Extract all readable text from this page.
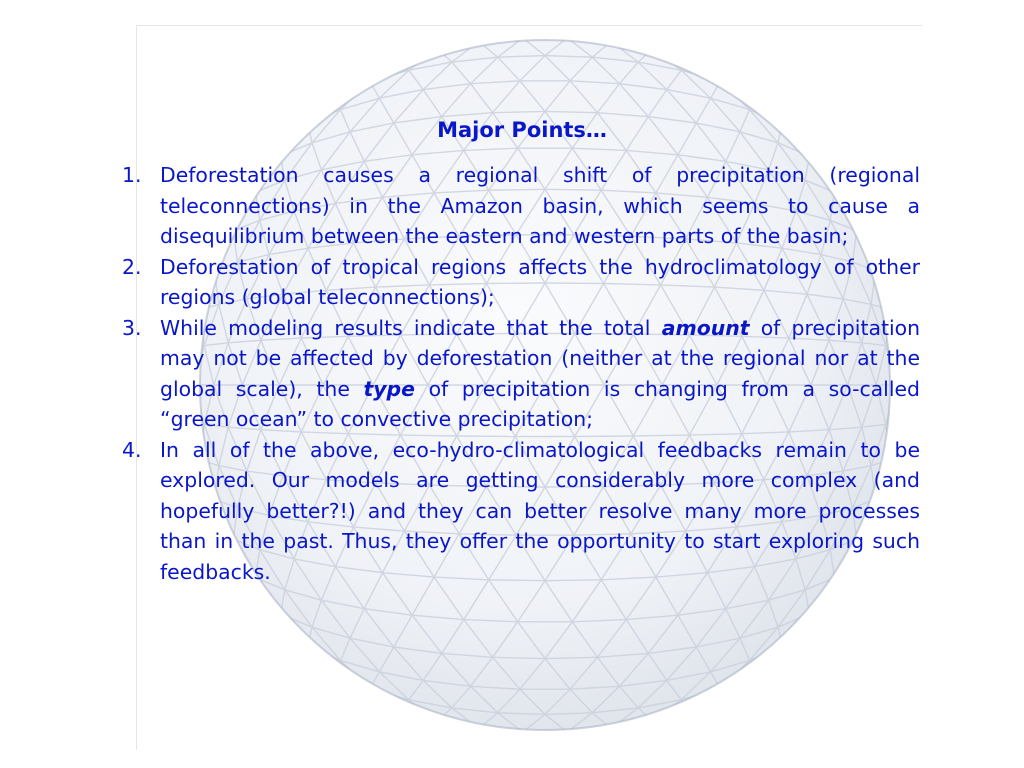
Major Points…
1. Deforestation causes a regional shift of precipitation (regional teleconnections) in the Amazon basin, which seems to cause a disequilibrium between the eastern and western parts of the basin;
2. Deforestation of tropical regions affects the hydroclimatology of other regions (global teleconnections);
3. While modeling results indicate that the total amount of precipitation may not be affected by deforestation (neither at the regional nor at the global scale), the type of precipitation is changing from a so-called “green ocean” to convective precipitation;
4. In all of the above, eco-hydro-climatological feedbacks remain to be explored. Our models are getting considerably more complex (and hopefully better?!) and they can better resolve many more processes than in the past. Thus, they offer the opportunity to start exploring such feedbacks.
